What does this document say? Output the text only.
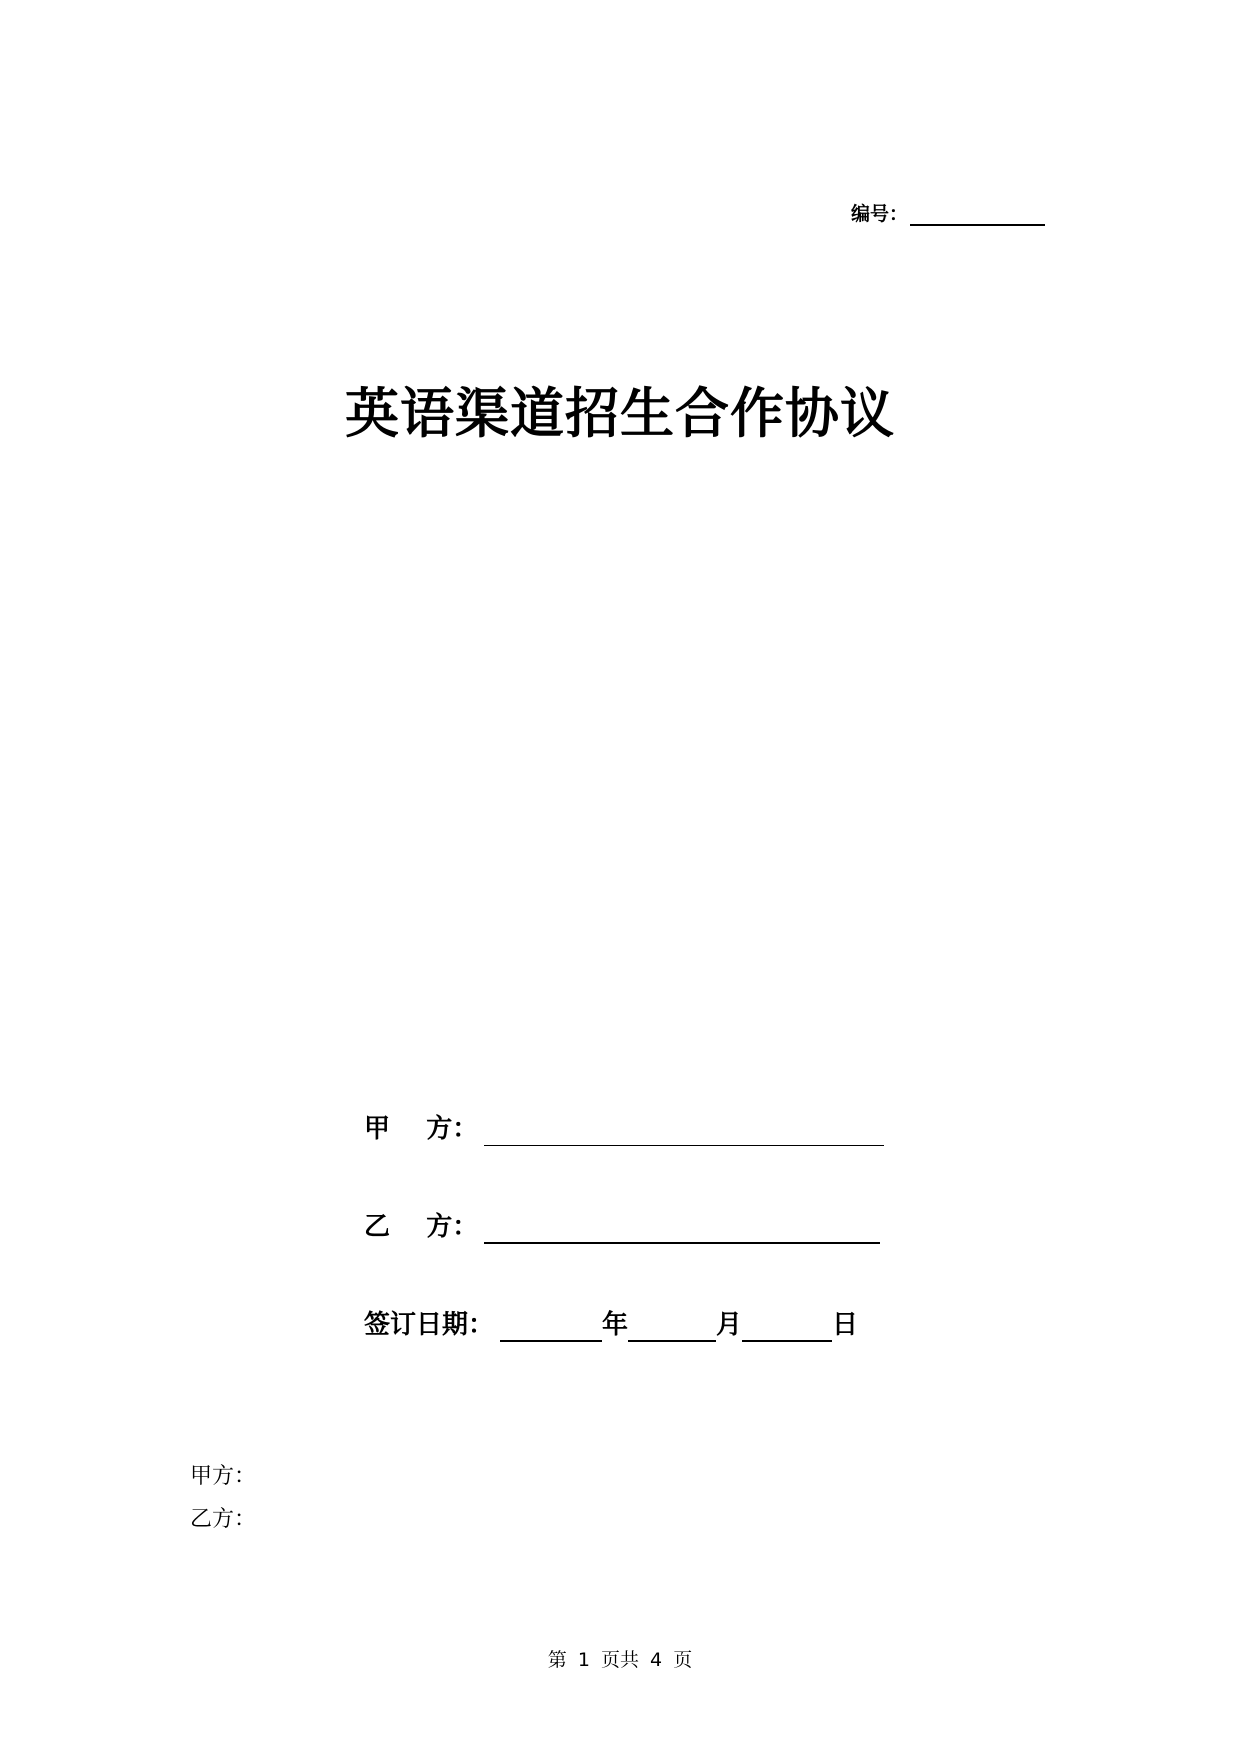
编号：
英语渠道招生合作协议
甲    方：
乙    方：
签订日期：	年	月	日
甲方：
乙方：
第 1 页共 4 页
